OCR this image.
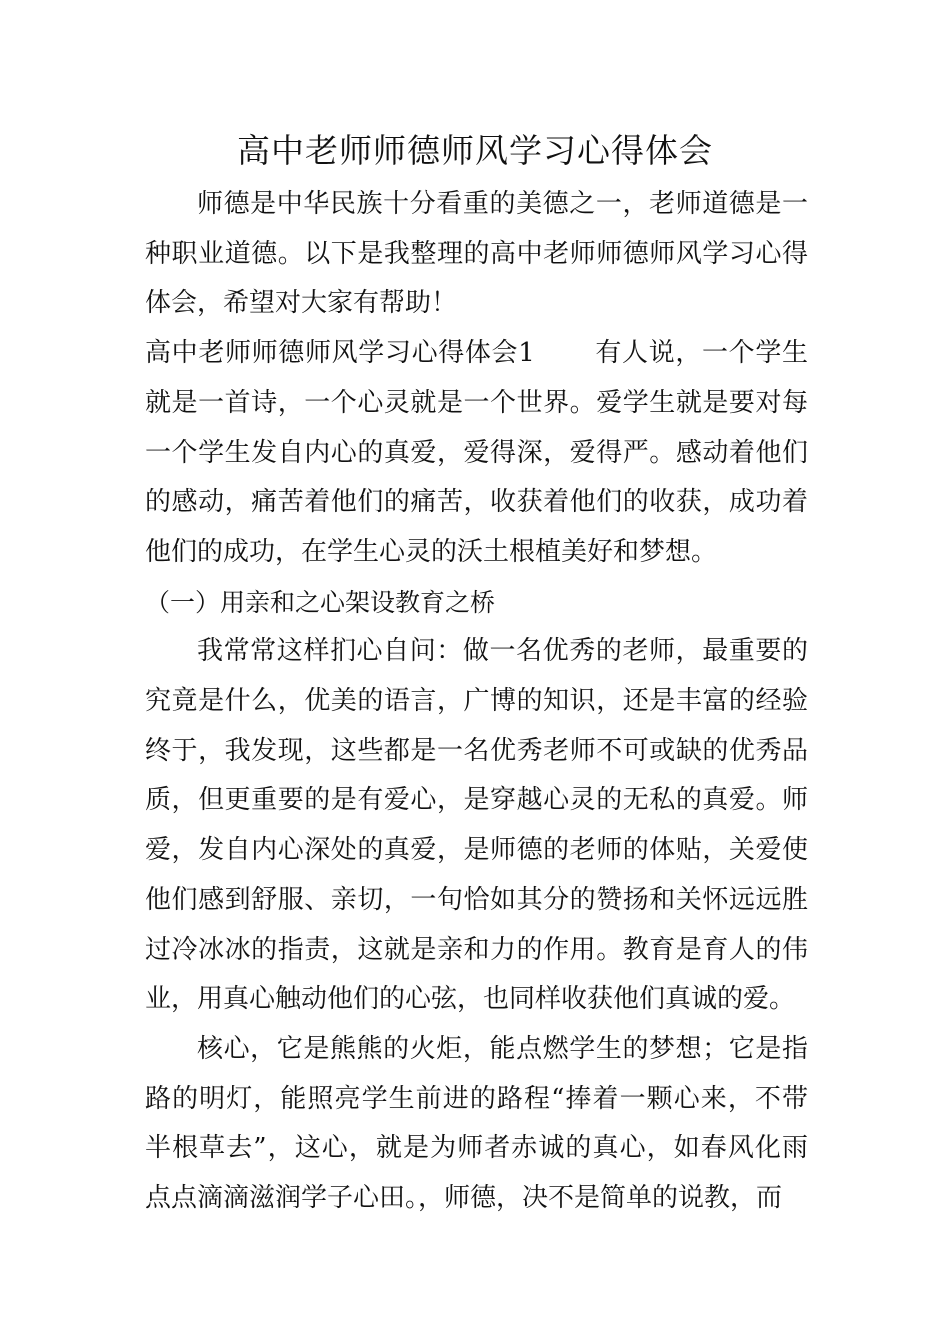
高中老师师德师风学习心得体会

师德是中华民族十分看重的美德之一，老师道德是一种职业道德。以下是我整理的高中老师师德师风学习心得体会，希望对大家有帮助！

高中老师师德师风学习心得体会1 有人说，一个学生就是一首诗，一个心灵就是一个世界。爱学生就是要对每一个学生发自内心的真爱，爱得深，爱得严。感动着他们的感动，痛苦着他们的痛苦，收获着他们的收获，成功着他们的成功，在学生心灵的沃土根植美好和梦想。

（一）用亲和之心架设教育之桥

我常常这样扪心自问：做一名优秀的老师，最重要的究竟是什么，优美的语言，广博的知识，还是丰富的经验终于，我发现，这些都是一名优秀老师不可或缺的优秀品质，但更重要的是有爱心，是穿越心灵的无私的真爱。师爱，发自内心深处的真爱，是师德的老师的体贴，关爱使他们感到舒服、亲切，一句恰如其分的赞扬和关怀远远胜过冷冰冰的指责，这就是亲和力的作用。教育是育人的伟业，用真心触动他们的心弦，也同样收获他们真诚的爱。

核心，它是熊熊的火炬，能点燃学生的梦想；它是指路的明灯，能照亮学生前进的路程“捧着一颗心来，不带半根草去”，这心，就是为师者赤诚的真心，如春风化雨点点滴滴滋润学子心田。，师德，决不是简单的说教，而
